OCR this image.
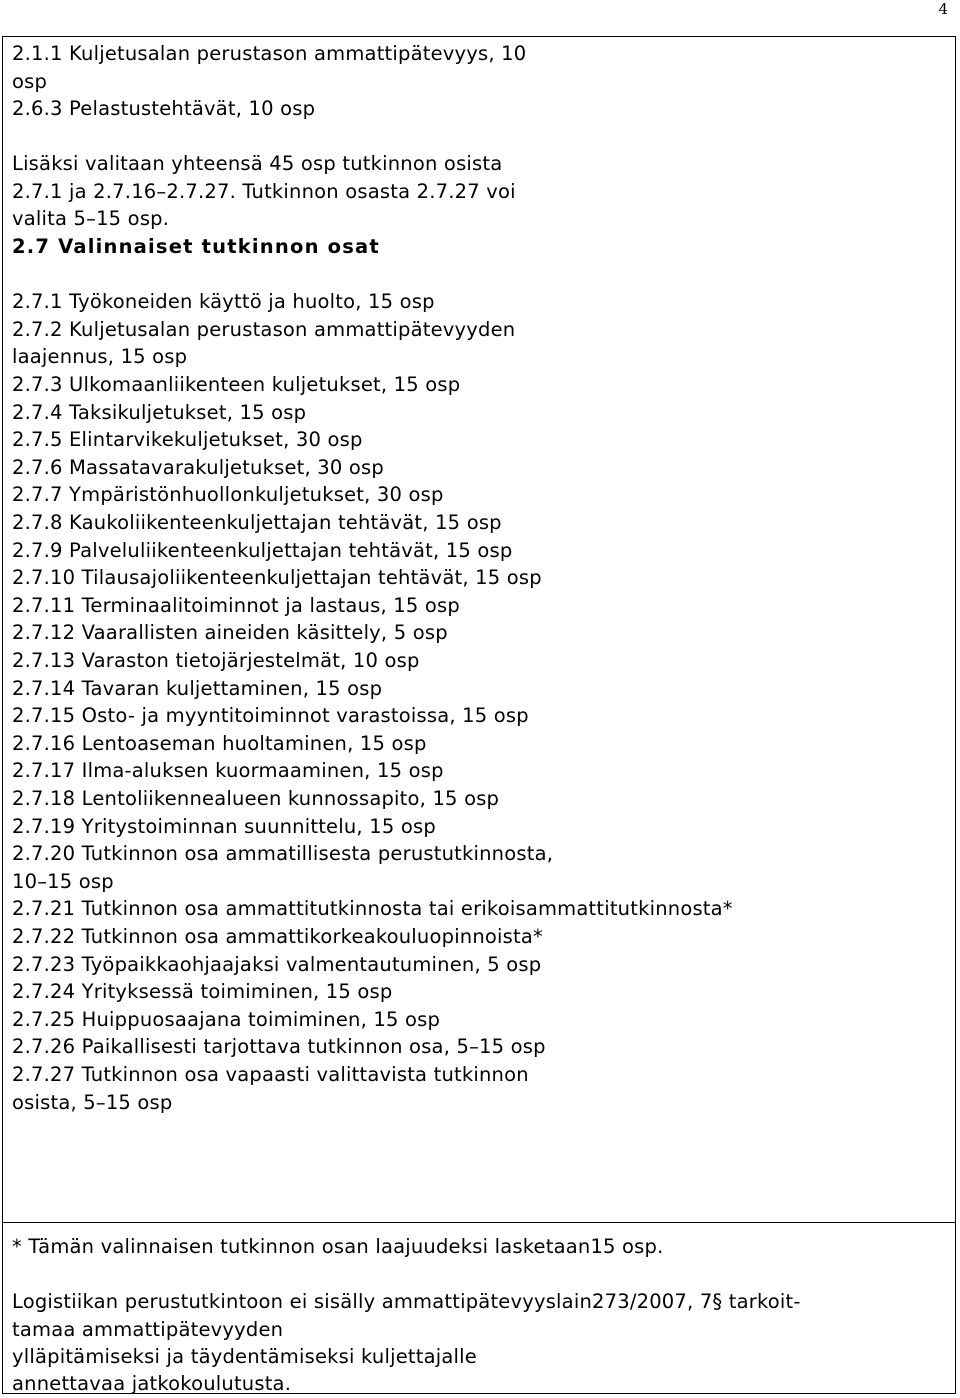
4
2.1.1 Kuljetusalan perustason ammattipätevyys, 10
osp
2.6.3 Pelastustehtävät, 10 osp
Lisäksi valitaan yhteensä 45 osp tutkinnon osista
2.7.1 ja 2.7.16–2.7.27. Tutkinnon osasta 2.7.27 voi
valita 5–15 osp.
2.7 Valinnaiset tutkinnon osat
2.7.1 Työkoneiden käyttö ja huolto, 15 osp
2.7.2 Kuljetusalan perustason ammattipätevyyden
laajennus, 15 osp
2.7.3 Ulkomaanliikenteen kuljetukset, 15 osp
2.7.4 Taksikuljetukset, 15 osp
2.7.5 Elintarvikekuljetukset, 30 osp
2.7.6 Massatavarakuljetukset, 30 osp
2.7.7 Ympäristönhuollonkuljetukset, 30 osp
2.7.8 Kaukoliikenteenkuljettajan tehtävät, 15 osp
2.7.9 Palveluliikenteenkuljettajan tehtävät, 15 osp
2.7.10 Tilausajoliikenteenkuljettajan tehtävät, 15 osp
2.7.11 Terminaalitoiminnot ja lastaus, 15 osp
2.7.12 Vaarallisten aineiden käsittely, 5 osp
2.7.13 Varaston tietojärjestelmät, 10 osp
2.7.14 Tavaran kuljettaminen, 15 osp
2.7.15 Osto- ja myyntitoiminnot varastoissa, 15 osp
2.7.16 Lentoaseman huoltaminen, 15 osp
2.7.17 Ilma-aluksen kuormaaminen, 15 osp
2.7.18 Lentoliikennealueen kunnossapito, 15 osp
2.7.19 Yritystoiminnan suunnittelu, 15 osp
2.7.20 Tutkinnon osa ammatillisesta perustutkinnosta,
10–15 osp
2.7.21 Tutkinnon osa ammattitutkinnosta tai erikoisammattitutkinnosta*
2.7.22 Tutkinnon osa ammattikorkeakouluopinnoista*
2.7.23 Työpaikkaohjaajaksi valmentautuminen, 5 osp
2.7.24 Yrityksessä toimiminen, 15 osp
2.7.25 Huippuosaajana toimiminen, 15 osp
2.7.26 Paikallisesti tarjottava tutkinnon osa, 5–15 osp
2.7.27 Tutkinnon osa vapaasti valittavista tutkinnon
osista, 5–15 osp
* Tämän valinnaisen tutkinnon osan laajuudeksi lasketaan15 osp.
Logistiikan perustutkintoon ei sisälly ammattipätevyyslain273/2007, 7§ tarkoit-
tamaa ammattipätevyyden
ylläpitämiseksi ja täydentämiseksi kuljettajalle
annettavaa jatkokoulutusta.
